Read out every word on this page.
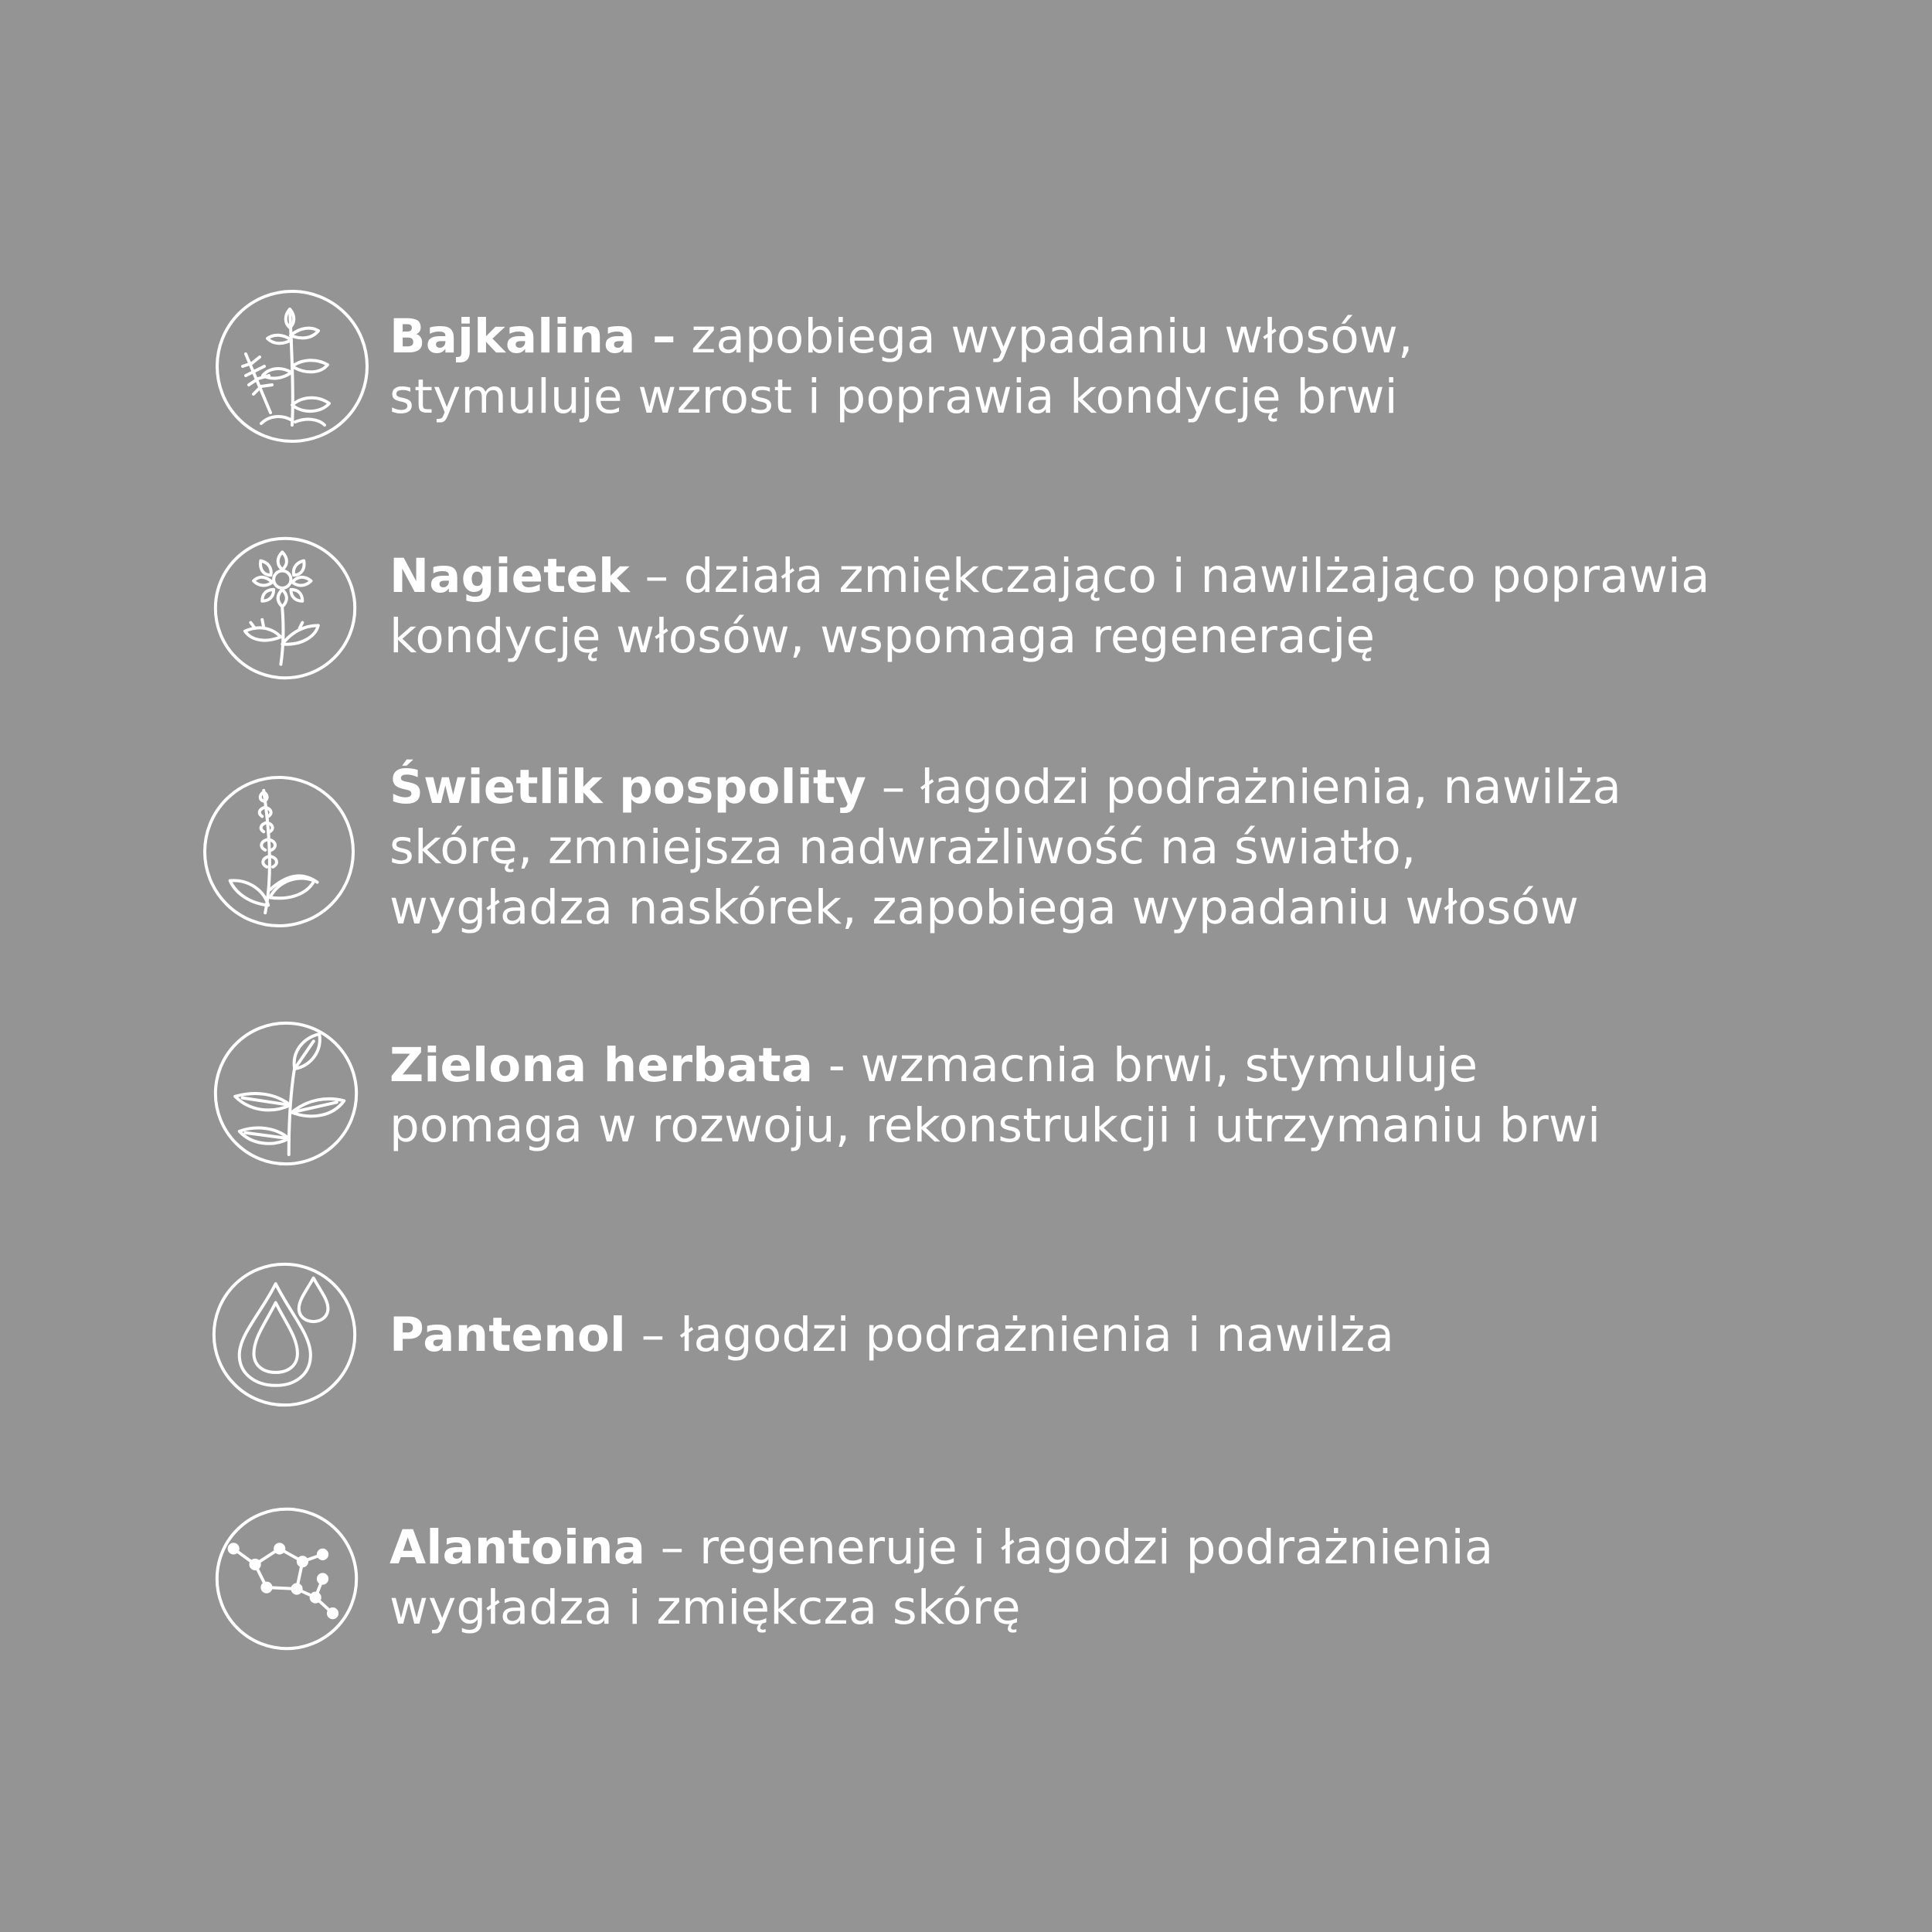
Bajkalina – zapobiega wypadaniu włosów,
stymuluje wzrost i poprawia kondycję brwi
Nagietek – działa zmiękczająco i nawilżająco poprawia
kondycję włosów, wspomaga regenerację
Świetlik pospolity – łagodzi podrażnienia, nawilża
skórę, zmniejsza nadwrażliwość na światło,
wygładza naskórek, zapobiega wypadaniu włosów
Zielona herbata - wzmacnia brwi, stymuluje
pomaga w rozwoju, rekonstrukcji i utrzymaniu brwi
Pantenol – łagodzi podrażnienia i nawilża
Alantoina – regeneruje i łagodzi podrażnienia
wygładza i zmiękcza skórę
